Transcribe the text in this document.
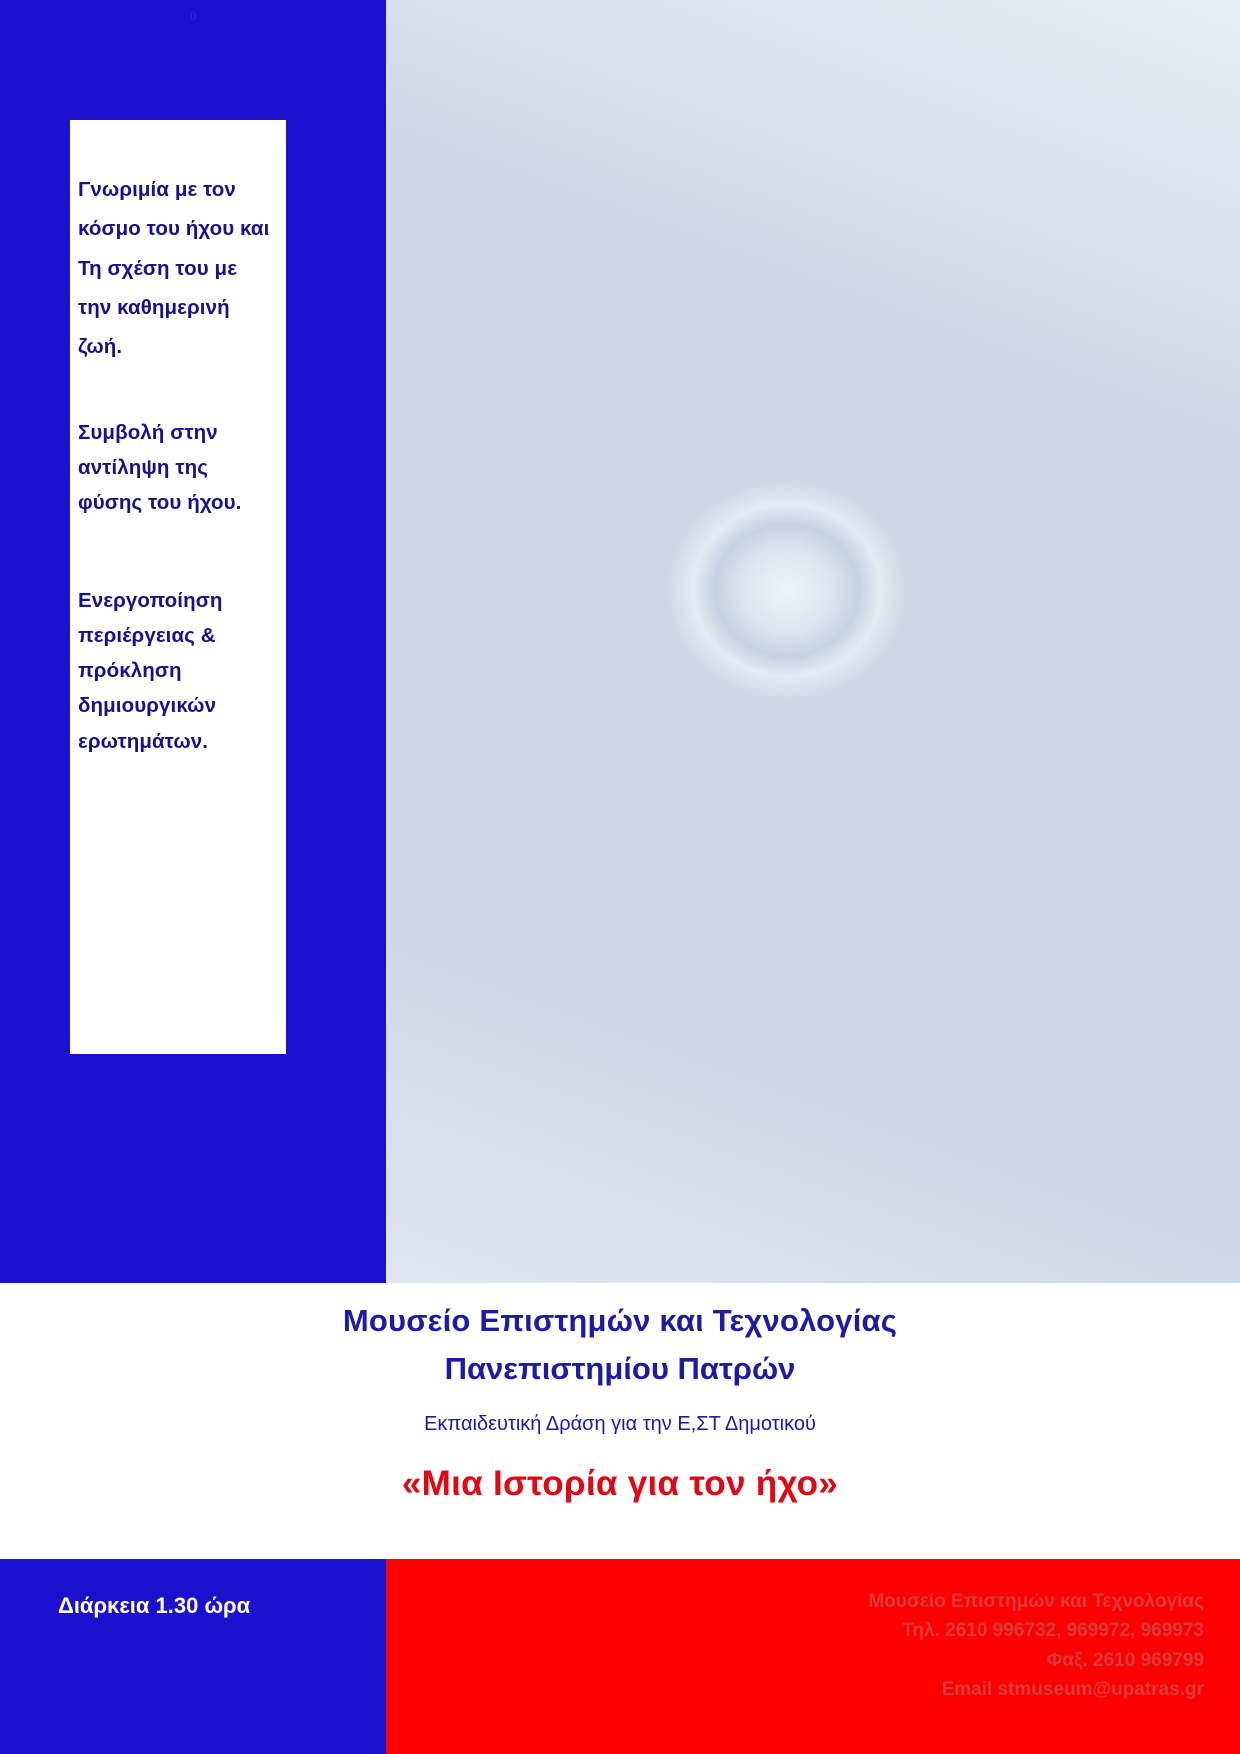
0

Γνωριμία με τον κόσμο του ήχου και Τη σχέση του με την καθημερινή ζωή.

Συμβολή στην αντίληψη της φύσης του ήχου.

Ενεργοποίηση περιέργειας & πρόκληση δημιουργικών ερωτημάτων.

Μουσείο Επιστημών και Τεχνολογίας
Πανεπιστημίου Πατρών
Εκπαιδευτική Δράση για την Ε,ΣΤ Δημοτικού
«Μια Ιστορία για τον ήχο»
Διάρκεια 1.30 ώρα	Μουσείο Επιστημών και Τεχνολογίας
Τηλ. 2610 996732, 969972, 969973
Φαξ. 2610 969799
Email stmuseum@upatras.gr
